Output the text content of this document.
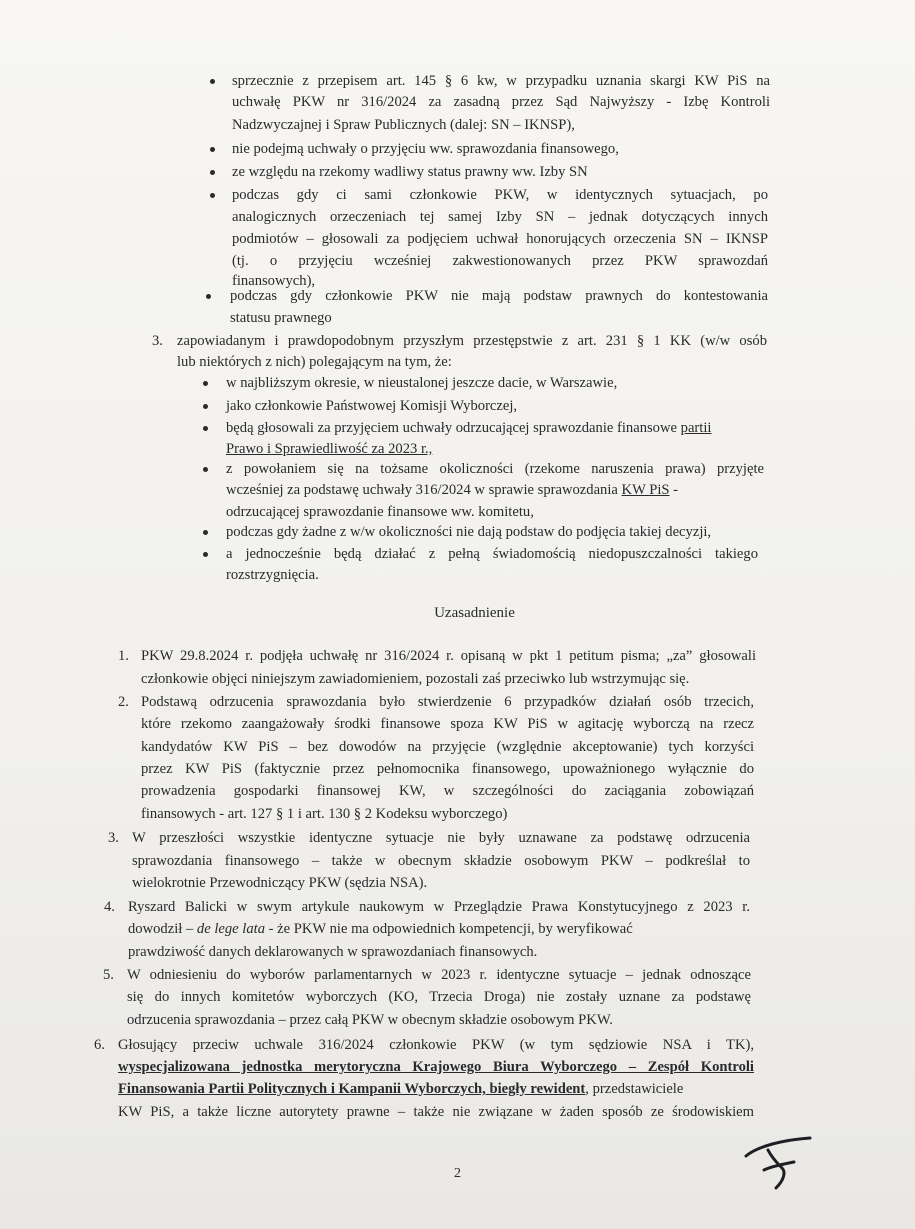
sprzecznie z przepisem art. 145 § 6 kw, w przypadku uznania skargi KW PiS na
uchwałę PKW nr 316/2024 za zasadną przez Sąd Najwyższy - Izbę Kontroli
Nadzwyczajnej i Spraw Publicznych (dalej: SN – IKNSP),
nie podejmą uchwały o przyjęciu ww. sprawozdania finansowego,
ze względu na rzekomy wadliwy status prawny ww. Izby SN
podczas gdy ci sami członkowie PKW, w identycznych sytuacjach, po
analogicznych orzeczeniach tej samej Izby SN – jednak dotyczących innych
podmiotów – głosowali za podjęciem uchwał honorujących orzeczenia SN – IKNSP
(tj. o przyjęciu wcześniej zakwestionowanych przez PKW sprawozdań
finansowych),
podczas gdy członkowie PKW nie mają podstaw prawnych do kontestowania
statusu prawnego
3. zapowiadanym i prawdopodobnym przyszłym przestępstwie z art. 231 § 1 KK (w/w osób
lub niektórych z nich) polegającym na tym, że:
w najbliższym okresie, w nieustalonej jeszcze dacie, w Warszawie,
jako członkowie Państwowej Komisji Wyborczej,
będą głosowali za przyjęciem uchwały odrzucającej sprawozdanie finansowe partii
Prawo i Sprawiedliwość za 2023 r.,
z powołaniem się na tożsame okoliczności (rzekome naruszenia prawa) przyjęte
wcześniej za podstawę uchwały 316/2024 w sprawie sprawozdania KW PiS -
odrzucającej sprawozdanie finansowe ww. komitetu,
podczas gdy żadne z w/w okoliczności nie dają podstaw do podjęcia takiej decyzji,
a jednocześnie będą działać z pełną świadomością niedopuszczalności takiego
rozstrzygnięcia.
Uzasadnienie
1. PKW 29.8.2024 r. podjęła uchwałę nr 316/2024 r. opisaną w pkt 1 petitum pisma; „za” głosowali
członkowie objęci niniejszym zawiadomieniem, pozostali zaś przeciwko lub wstrzymując się.
2. Podstawą odrzucenia sprawozdania było stwierdzenie 6 przypadków działań osób trzecich,
które rzekomo zaangażowały środki finansowe spoza KW PiS w agitację wyborczą na rzecz
kandydatów KW PiS – bez dowodów na przyjęcie (względnie akceptowanie) tych korzyści
przez KW PiS (faktycznie przez pełnomocnika finansowego, upoważnionego wyłącznie do
prowadzenia gospodarki finansowej KW, w szczególności do zaciągania zobowiązań
finansowych - art. 127 § 1 i art. 130 § 2 Kodeksu wyborczego)
3. W przeszłości wszystkie identyczne sytuacje nie były uznawane za podstawę odrzucenia
sprawozdania finansowego – także w obecnym składzie osobowym PKW – podkreślał to
wielokrotnie Przewodniczący PKW (sędzia NSA).
4. Ryszard Balicki w swym artykule naukowym w Przeglądzie Prawa Konstytucyjnego z 2023 r.
dowodził – de lege lata - że PKW nie ma odpowiednich kompetencji, by weryfikować
prawdziwość danych deklarowanych w sprawozdaniach finansowych.
5. W odniesieniu do wyborów parlamentarnych w 2023 r. identyczne sytuacje – jednak odnoszące
się do innych komitetów wyborczych (KO, Trzecia Droga) nie zostały uznane za podstawę
odrzucenia sprawozdania – przez całą PKW w obecnym składzie osobowym PKW.
6. Głosujący przeciw uchwale 316/2024 członkowie PKW (w tym sędziowie NSA i TK),
wyspecjalizowana jednostka merytoryczna Krajowego Biura Wyborczego – Zespół Kontroli
Finansowania Partii Politycznych i Kampanii Wyborczych, biegły rewident, przedstawiciele
KW PiS, a także liczne autorytety prawne – także nie związane w żaden sposób ze środowiskiem
2
